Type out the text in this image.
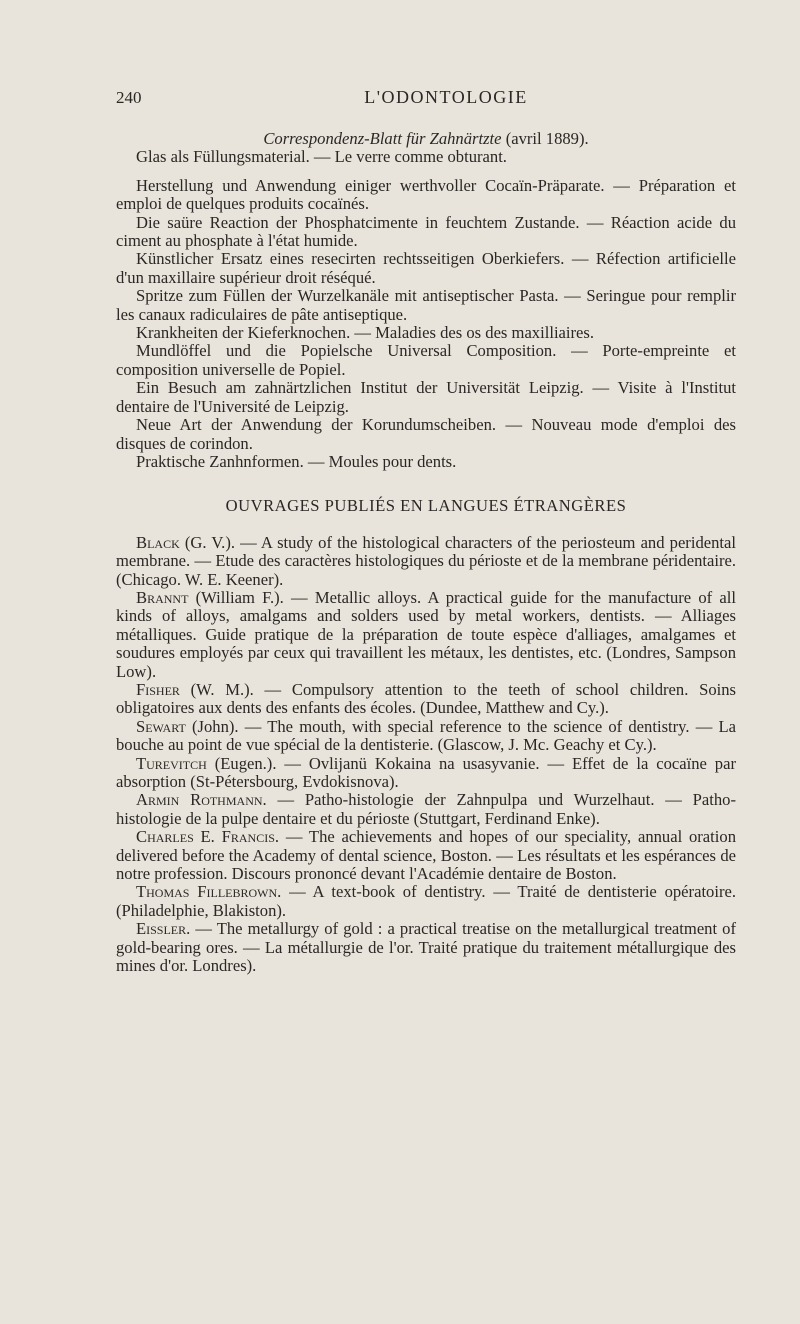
240	L'ODONTOLOGIE
Correspondenz-Blatt für Zahnärtzte (avril 1889).

Glas als Füllungsmaterial. — Le verre comme obturant.

Herstellung und Anwendung einiger werthvoller Cocaïn-Präparate. — Préparation et emploi de quelques produits cocaïnés.

Die saüre Reaction der Phosphatcimente in feuchtem Zustande. — Réaction acide du ciment au phosphate à l'état humide.

Künstlicher Ersatz eines resecirten rechtsseitigen Oberkiefers. — Réfection artificielle d'un maxillaire supérieur droit réséqué.

Spritze zum Füllen der Wurzelkanäle mit antiseptischer Pasta. — Seringue pour remplir les canaux radiculaires de pâte antiseptique.

Krankheiten der Kieferknochen. — Maladies des os des maxilliaires.

Mundlöffel und die Popielsche Universal Composition. — Porte-empreinte et composition universelle de Popiel.

Ein Besuch am zahnärtzlichen Institut der Universität Leipzig. — Visite à l'Institut dentaire de l'Université de Leipzig.

Neue Art der Anwendung der Korundumscheiben. — Nouveau mode d'emploi des disques de corindon.

Praktische Zanhnformen. — Moules pour dents.

OUVRAGES PUBLIÉS EN LANGUES ÉTRANGÈRES

Black (G. V.). — A study of the histological characters of the periosteum and peridental membrane. — Etude des caractères histologiques du périoste et de la membrane péridentaire. (Chicago. W. E. Keener).

Brannt (William F.). — Metallic alloys. A practical guide for the manufacture of all kinds of alloys, amalgams and solders used by metal workers, dentists. — Alliages métalliques. Guide pratique de la préparation de toute espèce d'alliages, amalgames et soudures employés par ceux qui travaillent les métaux, les dentistes, etc. (Londres, Sampson Low).

Fisher (W. M.). — Compulsory attention to the teeth of school children. Soins obligatoires aux dents des enfants des écoles. (Dundee, Matthew and Cy.).

Sewart (John). — The mouth, with special reference to the science of dentistry. — La bouche au point de vue spécial de la dentisterie. (Glascow, J. Mc. Geachy et Cy.).

Turevitch (Eugen.). — Ovlijanü Kokaina na usasyvanie. — Effet de la cocaïne par absorption (St-Pétersbourg, Evdokisnova).

Armin Rothmann. — Patho-histologie der Zahnpulpa und Wurzelhaut. — Patho-histologie de la pulpe dentaire et du périoste (Stuttgart, Ferdinand Enke).

Charles E. Francis. — The achievements and hopes of our speciality, annual oration delivered before the Academy of dental science, Boston. — Les résultats et les espérances de notre profession. Discours prononcé devant l'Académie dentaire de Boston.

Thomas Fillebrown. — A text-book of dentistry. — Traité de dentisterie opératoire. (Philadelphie, Blakiston).

Eissler. — The metallurgy of gold : a practical treatise on the metallurgical treatment of gold-bearing ores. — La métallurgie de l'or. Traité pratique du traitement métallurgique des mines d'or. Londres).
